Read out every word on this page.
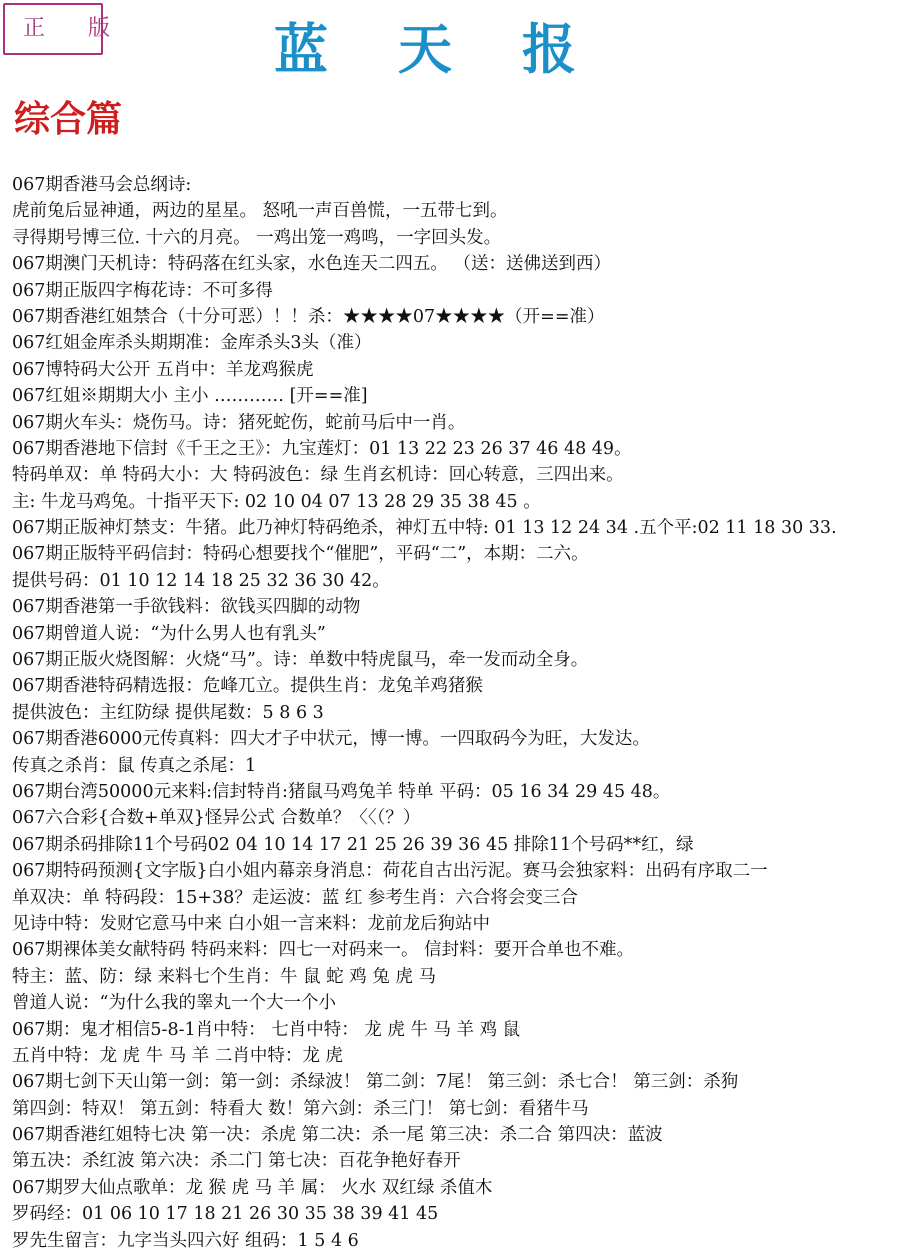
正 版	蓝天报
综合篇
067期香港马会总纲诗:
虎前兔后显神通，两边的星星。 怒吼一声百兽慌，一五带七到。
寻得期号博三位. 十六的月亮。 一鸡出笼一鸡鸣，一字回头发。
067期澳门天机诗：特码落在红头家，水色连天二四五。 （送：送佛送到西）
067期正版四字梅花诗：不可多得
067期香港红姐禁合（十分可恶）！！杀：★★★★07★★★★（开==准）
067红姐金库杀头期期准：金库杀头3头（准）
067博特码大公开 五肖中：羊龙鸡猴虎
067红姐※期期大小 主小 ………… [开==准]
067期火车头：烧伤马。诗：猪死蛇伤，蛇前马后中一肖。
067期香港地下信封《千王之王》：九宝莲灯：01 13 22 23 26 37 46 48 49。
特码单双：单 特码大小：大 特码波色：绿 生肖玄机诗：回心转意，三四出来。
主: 牛龙马鸡兔。十指平天下: 02 10 04 07 13 28 29 35 38 45 。
067期正版神灯禁支：牛猪。此乃神灯特码绝杀，神灯五中特: 01 13 12 24 34 .五个平:02 11 18 30 33.
067期正版特平码信封：特码心想要找个“催肥”，平码“二”，本期：二六。
提供号码：01 10 12 14 18 25 32 36 30 42。
067期香港第一手欲钱料：欲钱买四脚的动物
067期曾道人说：“为什么男人也有乳头”
067期正版火烧图解：火烧“马”。诗：单数中特虎鼠马，牵一发而动全身。
067期香港特码精选报：危峰兀立。提供生肖：龙兔羊鸡猪猴
提供波色：主红防绿 提供尾数：5 8 6 3
067期香港6000元传真料：四大才子中状元，博一博。一四取码今为旺，大发达。
传真之杀肖：鼠 传真之杀尾：1
067期台湾50000元来料:信封特肖:猪鼠马鸡兔羊 特单 平码：05 16 34 29 45 48。
067六合彩{合数+单双}怪异公式 合数单？〈〈（？）
067期杀码排除11个号码02 04 10 14 17 21 25 26 39 36 45 排除11个号码**红，绿
067期特码预测{文字版}白小姐内幕亲身消息：荷花自古出污泥。赛马会独家料：出码有序取二一
单双决：单 特码段：15+38？走运波：蓝 红 参考生肖：六合将会变三合
见诗中特：发财它意马中来 白小姐一言来料：龙前龙后狗站中
067期裸体美女献特码 特码来料：四七一对码来一。 信封料：要开合单也不难。
特主：蓝、防：绿 来料七个生肖：牛 鼠 蛇 鸡 兔 虎 马
曾道人说：“为什么我的睾丸一个大一个小
067期：鬼才相信5-8-1肖中特： 七肖中特： 龙 虎 牛 马 羊 鸡 鼠
五肖中特：龙 虎 牛 马 羊 二肖中特：龙 虎
067期七剑下天山第一剑：第一剑：杀绿波！ 第二剑：7尾！ 第三剑：杀七合！ 第三剑：杀狗
第四剑：特双！ 第五剑：特看大 数！第六剑：杀三门！ 第七剑：看猪牛马
067期香港红姐特七决 第一决：杀虎 第二决：杀一尾 第三决：杀二合 第四决：蓝波
第五决：杀红波 第六决：杀二门 第七决：百花争艳好春开
067期罗大仙点歌单：龙 猴 虎 马 羊 属： 火水 双红绿 杀值木
罗码经：01 06 10 17 18 21 26 30 35 38 39 41 45
罗先生留言：九字当头四六好 组码：1 5 4 6
